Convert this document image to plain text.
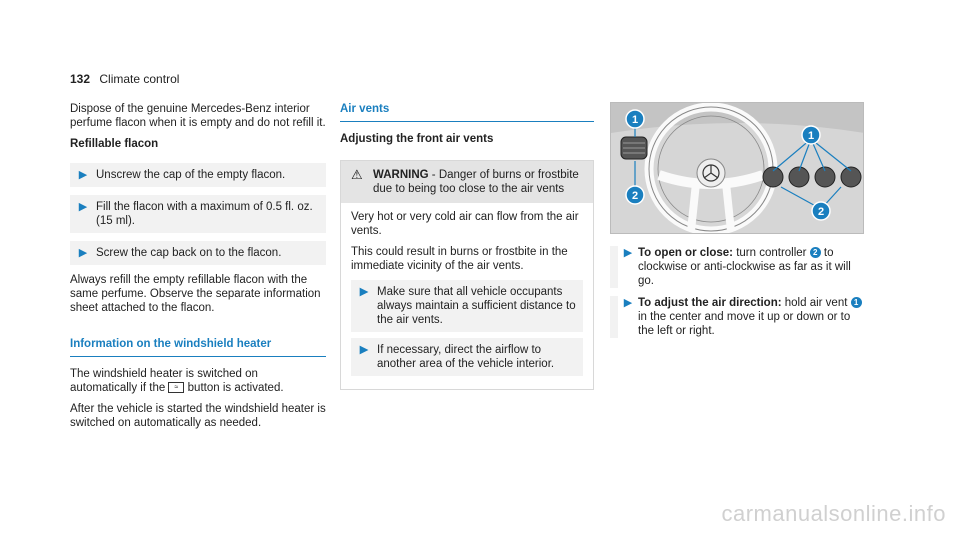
132 Climate control

Dispose of the genuine Mercedes-Benz interior perfume flacon when it is empty and do not refill it.

Refillable flacon

▶ Unscrew the cap of the empty flacon.
▶ Fill the flacon with a maximum of 0.5 fl. oz. (15 ml).
▶ Screw the cap back on to the flacon.

Always refill the empty refillable flacon with the same perfume. Observe the separate information sheet attached to the flacon.

Information on the windshield heater

The windshield heater is switched on automatically if the ≈ button is activated.

After the vehicle is started the windshield heater is switched on automatically as needed.

Air vents
Adjusting the front air vents
⚠ WARNING - Danger of burns or frostbite due to being too close to the air vents

Very hot or very cold air can flow from the air vents.

This could result in burns or frostbite in the immediate vicinity of the air vents.

▶ Make sure that all vehicle occupants always maintain a sufficient distance to the air vents.
▶ If necessary, direct the airflow to another area of the vehicle interior.
1
2
1
2
▶ To open or close: turn controller 2 to clockwise or anti-clockwise as far as it will go.
▶ To adjust the air direction: hold air vent 1 in the center and move it up or down or to the left or right.
carmanualsonline.info
